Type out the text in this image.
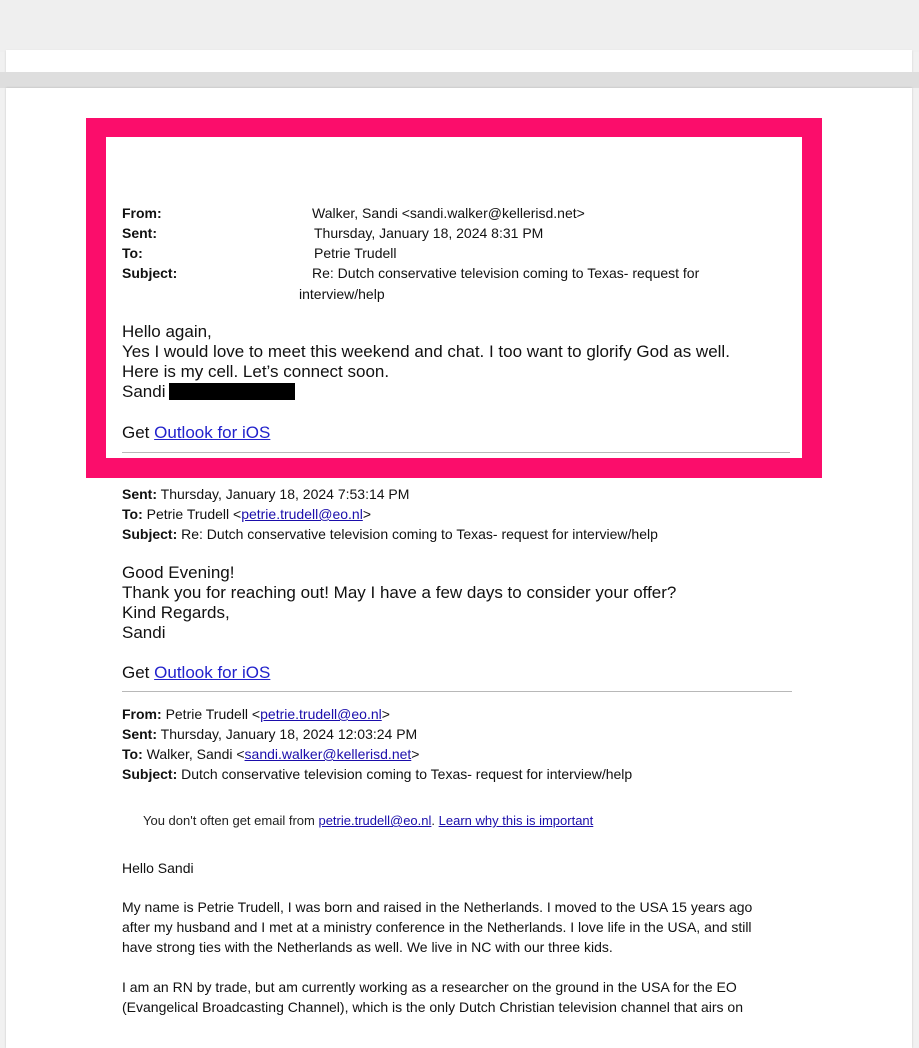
From:	Walker, Sandi <sandi.walker@kellerisd.net>
Sent:	Thursday, January 18, 2024 8:31 PM
To:	Petrie Trudell
Subject:	Re: Dutch conservative television coming to Texas- request for
interview/help
Hello again,
Yes I would love to meet this weekend and chat. I too want to glorify God as well.
Here is my cell. Let’s connect soon.
Sandi
Get Outlook for iOS
Sent: Thursday, January 18, 2024 7:53:14 PM
To: Petrie Trudell <petrie.trudell@eo.nl>
Subject: Re: Dutch conservative television coming to Texas- request for interview/help
Good Evening!
Thank you for reaching out! May I have a few days to consider your offer?
Kind Regards,
Sandi
Get Outlook for iOS
From: Petrie Trudell <petrie.trudell@eo.nl>
Sent: Thursday, January 18, 2024 12:03:24 PM
To: Walker, Sandi <sandi.walker@kellerisd.net>
Subject: Dutch conservative television coming to Texas- request for interview/help
You don't often get email from petrie.trudell@eo.nl. Learn why this is important
Hello Sandi
My name is Petrie Trudell, I was born and raised in the Netherlands. I moved to the USA 15 years ago after my husband and I met at a ministry conference in the Netherlands. I love life in the USA, and still have strong ties with the Netherlands as well. We live in NC with our three kids.
I am an RN by trade, but am currently working as a researcher on the ground in the USA for the EO (Evangelical Broadcasting Channel), which is the only Dutch Christian television channel that airs on
